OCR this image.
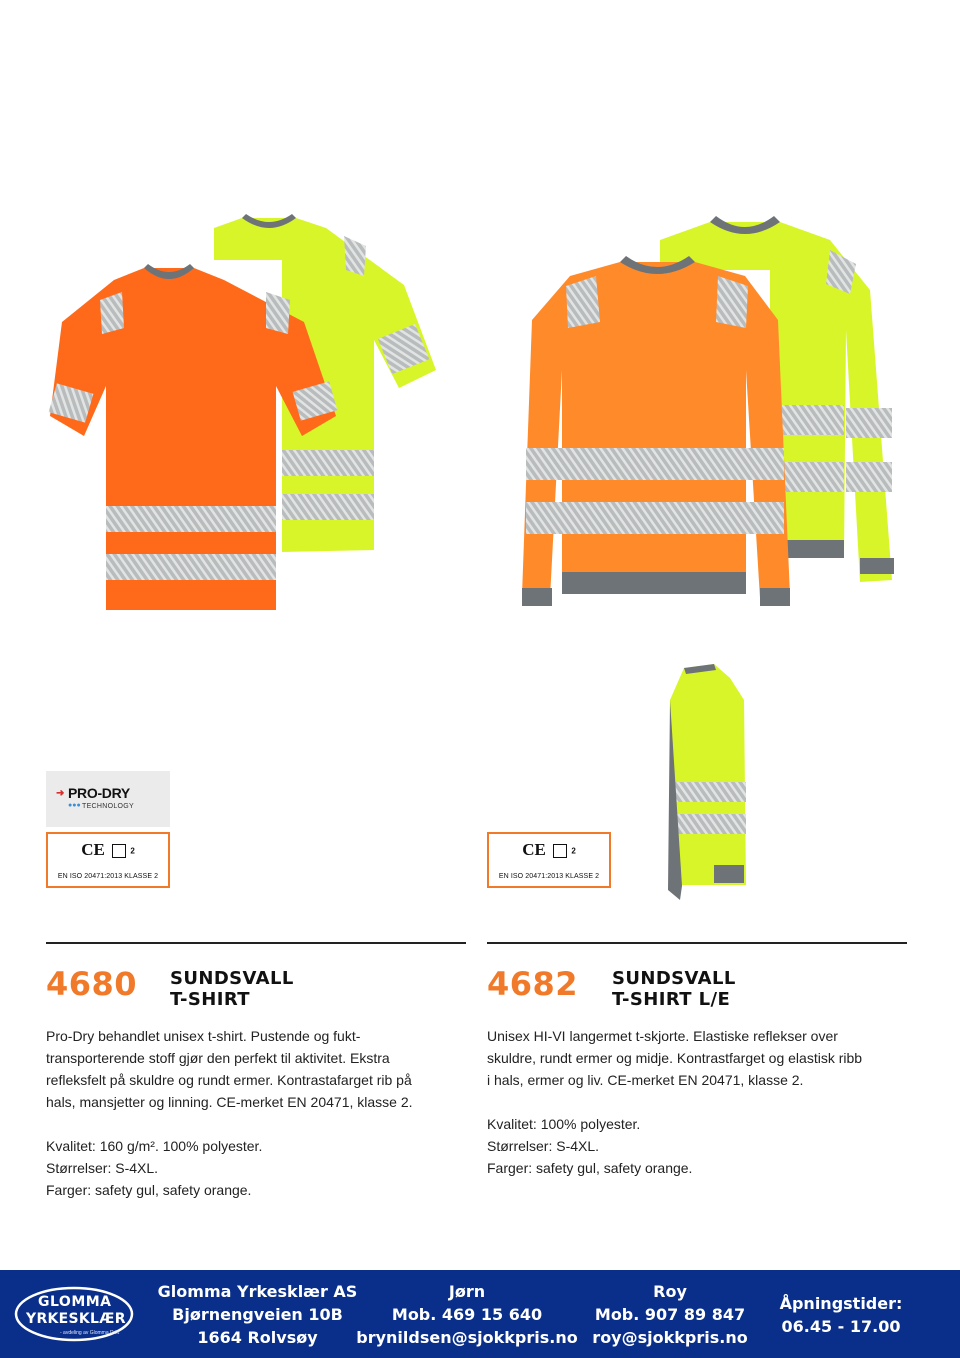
➜ PRO-DRY
●●● TECHNOLOGY
CE	2
EN ISO 20471:2013 KLASSE 2
CE	2
EN ISO 20471:2013 KLASSE 2
4680 SUNDSVALL
T-SHIRT

Pro-Dry behandlet unisex t-shirt. Pustende og fukt-transporterende stoff gjør den perfekt til aktivitet. Ekstra refleksfelt på skuldre og rundt ermer. Kontrastafarget rib på hals, mansjetter og linning. CE-merket EN 20471, klasse 2.

Kvalitet: 160 g/m². 100% polyester.

Størrelser: S-4XL.

Farger: safety gul, safety orange.

4682 SUNDSVALL
T-SHIRT L/E

Unisex HI-VI langermet t-skjorte. Elastiske reflekser over skuldre, rundt ermer og midje. Kontrastfarget og elastisk ribb i hals, ermer og liv. CE-merket EN 20471, klasse 2.

Kvalitet: 100% polyester.

Størrelser: S-4XL.

Farger: safety gul, safety orange.

GLOMMA
YRKESKLÆR
- avdeling av Glomma Drift
Glomma Yrkesklær AS
Bjørnengveien 10B
1664 Rolvsøy
Jørn
Mob. 469 15 640
brynildsen@sjokkpris.no
Roy
Mob. 907 89 847
roy@sjokkpris.no
Åpningstider:
06.45 - 17.00
